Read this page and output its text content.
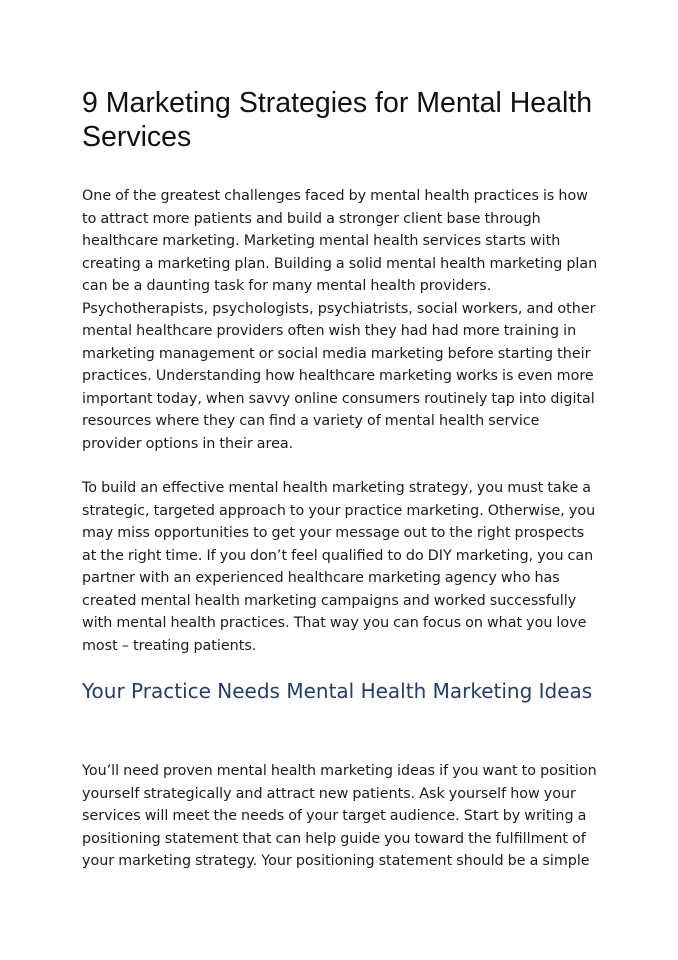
9 Marketing Strategies for Mental Health Services

One of the greatest challenges faced by mental health practices is how to attract more patients and build a stronger client base through healthcare marketing. Marketing mental health services starts with creating a marketing plan. Building a solid mental health marketing plan can be a daunting task for many mental health providers. Psychotherapists, psychologists, psychiatrists, social workers, and other mental healthcare providers often wish they had had more training in marketing management or social media marketing before starting their practices. Understanding how healthcare marketing works is even more important today, when savvy online consumers routinely tap into digital resources where they can find a variety of mental health service provider options in their area.

To build an effective mental health marketing strategy, you must take a strategic, targeted approach to your practice marketing. Otherwise, you may miss opportunities to get your message out to the right prospects at the right time. If you don’t feel qualified to do DIY marketing, you can partner with an experienced healthcare marketing agency who has created mental health marketing campaigns and worked successfully with mental health practices. That way you can focus on what you love most – treating patients.

Your Practice Needs Mental Health Marketing Ideas

You’ll need proven mental health marketing ideas if you want to position yourself strategically and attract new patients. Ask yourself how your services will meet the needs of your target audience. Start by writing a positioning statement that can help guide you toward the fulfillment of your marketing strategy. Your positioning statement should be a simple
